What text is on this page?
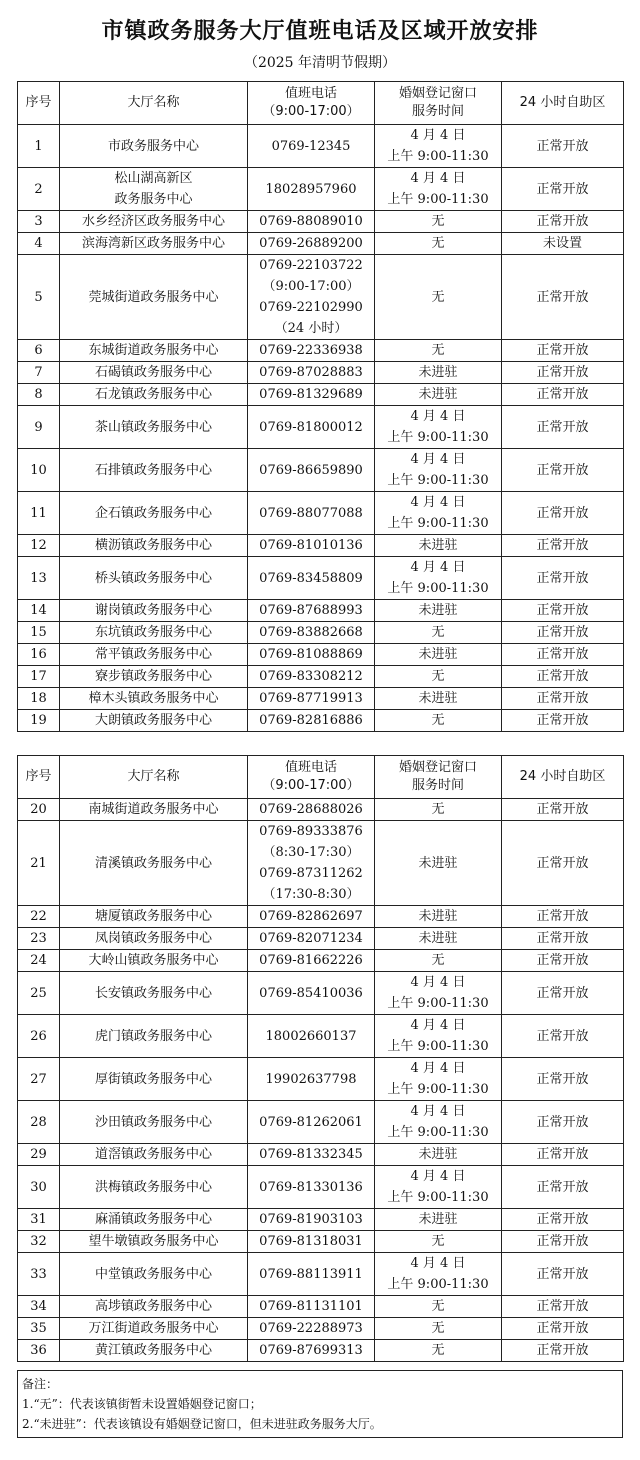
市镇政务服务大厅值班电话及区域开放安排
（2025 年清明节假期）
序号	大厅名称	值班电话
（9:00-17:00）	婚姻登记窗口
服务时间	24 小时自助区
1	市政务服务中心	0769-12345	4 月 4 日
上午 9:00-11:30	正常开放
2	松山湖高新区
政务服务中心	18028957960	4 月 4 日
上午 9:00-11:30	正常开放
3	水乡经济区政务服务中心	0769-88089010	无	正常开放
4	滨海湾新区政务服务中心	0769-26889200	无	未设置
5	莞城街道政务服务中心	0769-22103722
（9:00-17:00）
0769-22102990
（24 小时）	无	正常开放
6	东城街道政务服务中心	0769-22336938	无	正常开放
7	石碣镇政务服务中心	0769-87028883	未进驻	正常开放
8	石龙镇政务服务中心	0769-81329689	未进驻	正常开放
9	茶山镇政务服务中心	0769-81800012	4 月 4 日
上午 9:00-11:30	正常开放
10	石排镇政务服务中心	0769-86659890	4 月 4 日
上午 9:00-11:30	正常开放
11	企石镇政务服务中心	0769-88077088	4 月 4 日
上午 9:00-11:30	正常开放
12	横沥镇政务服务中心	0769-81010136	未进驻	正常开放
13	桥头镇政务服务中心	0769-83458809	4 月 4 日
上午 9:00-11:30	正常开放
14	谢岗镇政务服务中心	0769-87688993	未进驻	正常开放
15	东坑镇政务服务中心	0769-83882668	无	正常开放
16	常平镇政务服务中心	0769-81088869	未进驻	正常开放
17	寮步镇政务服务中心	0769-83308212	无	正常开放
18	樟木头镇政务服务中心	0769-87719913	未进驻	正常开放
19	大朗镇政务服务中心	0769-82816886	无	正常开放
序号	大厅名称	值班电话
（9:00-17:00）	婚姻登记窗口
服务时间	24 小时自助区
20	南城街道政务服务中心	0769-28688026	无	正常开放
21	清溪镇政务服务中心	0769-89333876
（8:30-17:30）
0769-87311262
（17:30-8:30）	未进驻	正常开放
22	塘厦镇政务服务中心	0769-82862697	未进驻	正常开放
23	凤岗镇政务服务中心	0769-82071234	未进驻	正常开放
24	大岭山镇政务服务中心	0769-81662226	无	正常开放
25	长安镇政务服务中心	0769-85410036	4 月 4 日
上午 9:00-11:30	正常开放
26	虎门镇政务服务中心	18002660137	4 月 4 日
上午 9:00-11:30	正常开放
27	厚街镇政务服务中心	19902637798	4 月 4 日
上午 9:00-11:30	正常开放
28	沙田镇政务服务中心	0769-81262061	4 月 4 日
上午 9:00-11:30	正常开放
29	道滘镇政务服务中心	0769-81332345	未进驻	正常开放
30	洪梅镇政务服务中心	0769-81330136	4 月 4 日
上午 9:00-11:30	正常开放
31	麻涌镇政务服务中心	0769-81903103	未进驻	正常开放
32	望牛墩镇政务服务中心	0769-81318031	无	正常开放
33	中堂镇政务服务中心	0769-88113911	4 月 4 日
上午 9:00-11:30	正常开放
34	高埗镇政务服务中心	0769-81131101	无	正常开放
35	万江街道政务服务中心	0769-22288973	无	正常开放
36	黄江镇政务服务中心	0769-87699313	无	正常开放
备注：
1.“无”：代表该镇街暂未设置婚姻登记窗口；
2.“未进驻”：代表该镇设有婚姻登记窗口，但未进驻政务服务大厅。
